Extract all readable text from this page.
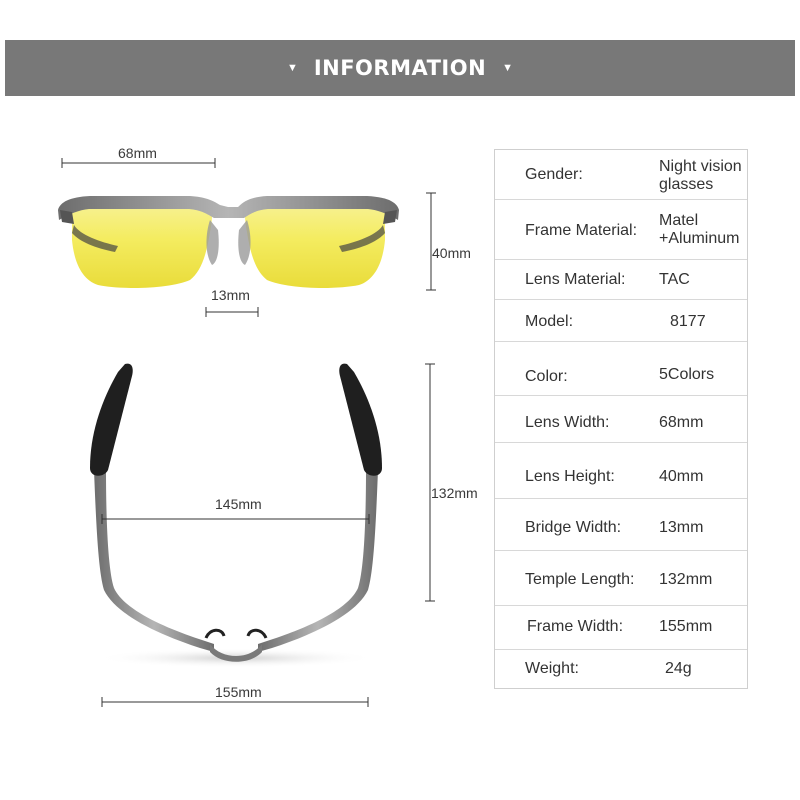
▼ INFORMATION ▼
68mm
40mm
13mm
132mm
145mm
155mm
Gender:	Night vision glasses
Frame Material:
Matel +Aluminum
Lens Material: TAC
Model:	8177
Color:	5Colors
Lens Width:	68mm
Lens Height:	40mm
Bridge Width: 13mm
Temple Length: 132mm
Frame Width: 155mm
Weight:	24g
